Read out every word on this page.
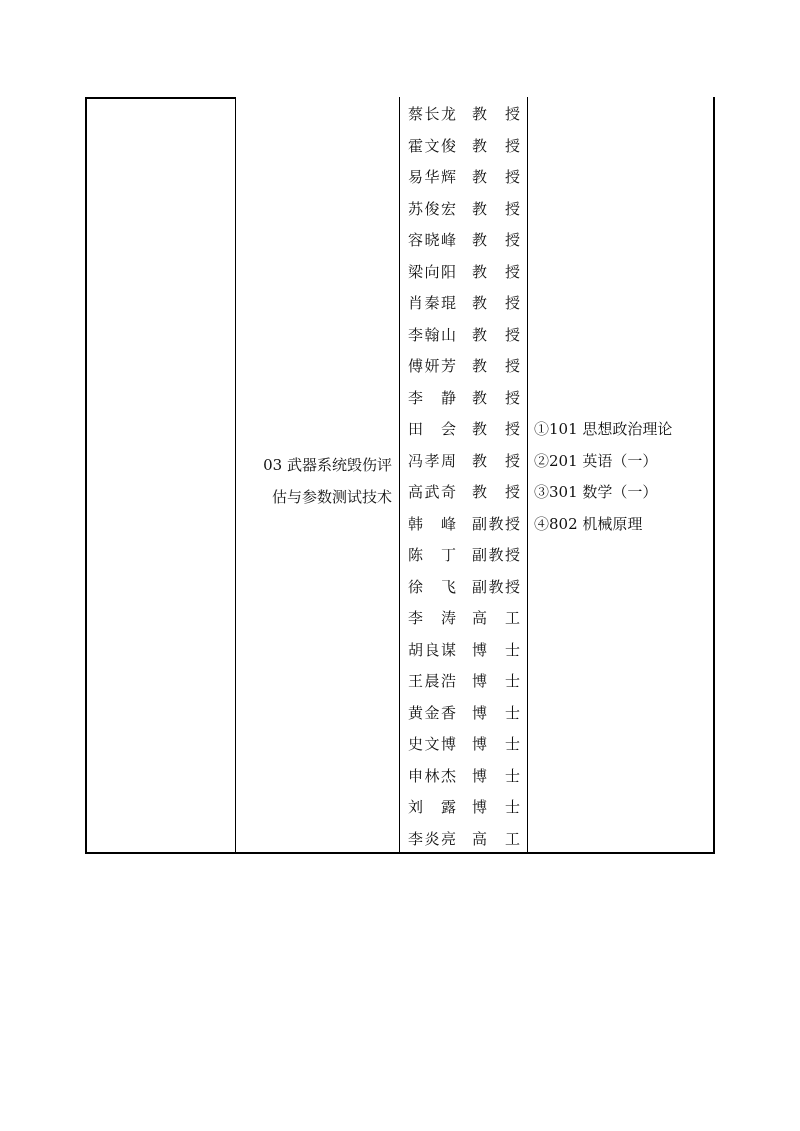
03 武器系统毁伤评
估与参数测试技术
蔡长龙 教授
霍文俊 教授
易华辉 教授
苏俊宏 教授
容晓峰 教授
梁向阳 教授
肖秦琨 教授
李翰山 教授
傅妍芳 教授
李静 教授
田会 教授
冯孝周 教授
高武奇 教授
韩峰 副教授
陈丁 副教授
徐飞 副教授
李涛 高工
胡良谋 博士
王晨浩 博士
黄金香 博士
史文博 博士
申林杰 博士
刘露 博士
李炎亮 高工
①101 思想政治理论
②201 英语（一）
③301 数学（一）
④802 机械原理
